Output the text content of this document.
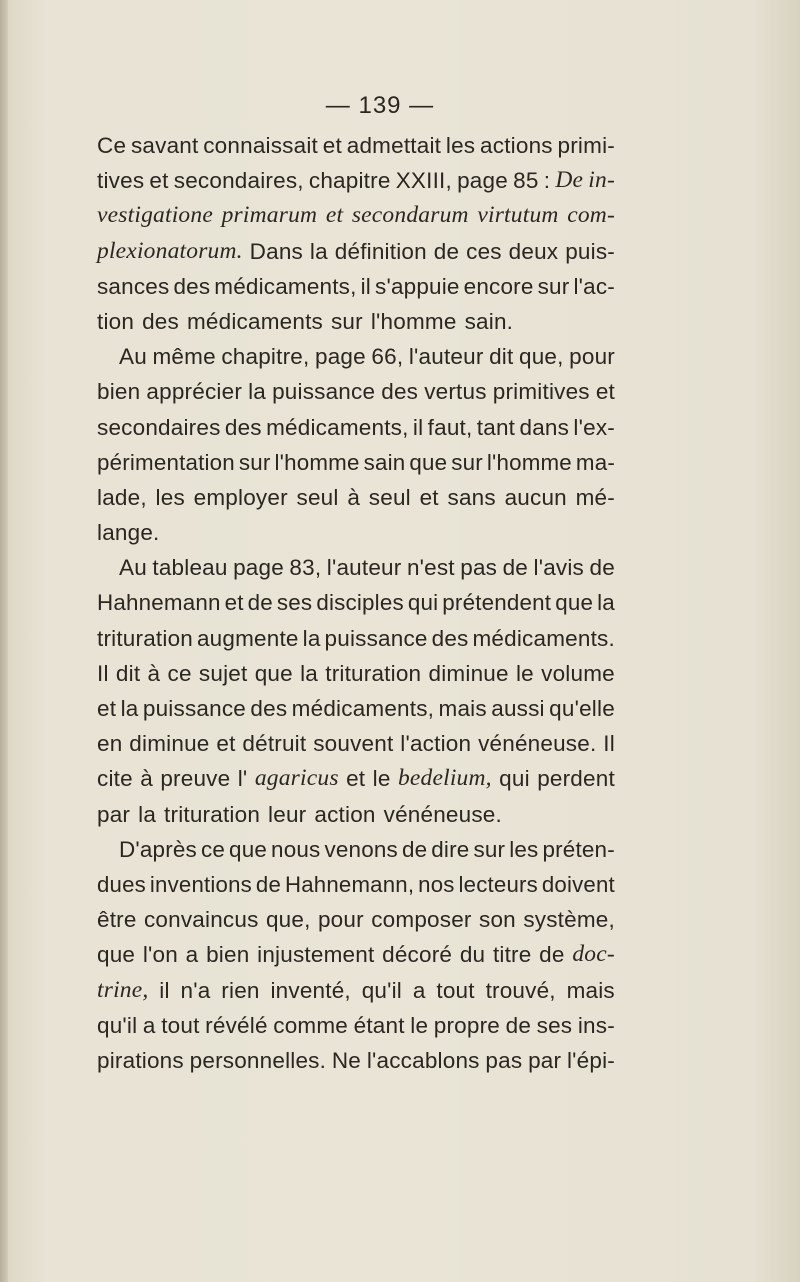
— 139 —
Ce savant connaissait et admettait les actions primi-
tives et secondaires, chapitre XXIII, page 85 : De in-
vestigatione primarum et secondarum virtutum com-
plexionatorum. Dans la définition de ces deux puis-
sances des médicaments, il s'appuie encore sur l'ac-
tion des médicaments sur l'homme sain.
Au même chapitre, page 66, l'auteur dit que, pour
bien apprécier la puissance des vertus primitives et
secondaires des médicaments, il faut, tant dans l'ex-
périmentation sur l'homme sain que sur l'homme ma-
lade, les employer seul à seul et sans aucun mé-
lange.
Au tableau page 83, l'auteur n'est pas de l'avis de
Hahnemann et de ses disciples qui prétendent que la
trituration augmente la puissance des médicaments.
Il dit à ce sujet que la trituration diminue le volume
et la puissance des médicaments, mais aussi qu'elle
en diminue et détruit souvent l'action vénéneuse. Il
cite à preuve l' agaricus et le bedelium, qui perdent
par la trituration leur action vénéneuse.
D'après ce que nous venons de dire sur les préten-
dues inventions de Hahnemann, nos lecteurs doivent
être convaincus que, pour composer son système,
que l'on a bien injustement décoré du titre de doc-
trine, il n'a rien inventé, qu'il a tout trouvé, mais
qu'il a tout révélé comme étant le propre de ses ins-
pirations personnelles. Ne l'accablons pas par l'épi-
